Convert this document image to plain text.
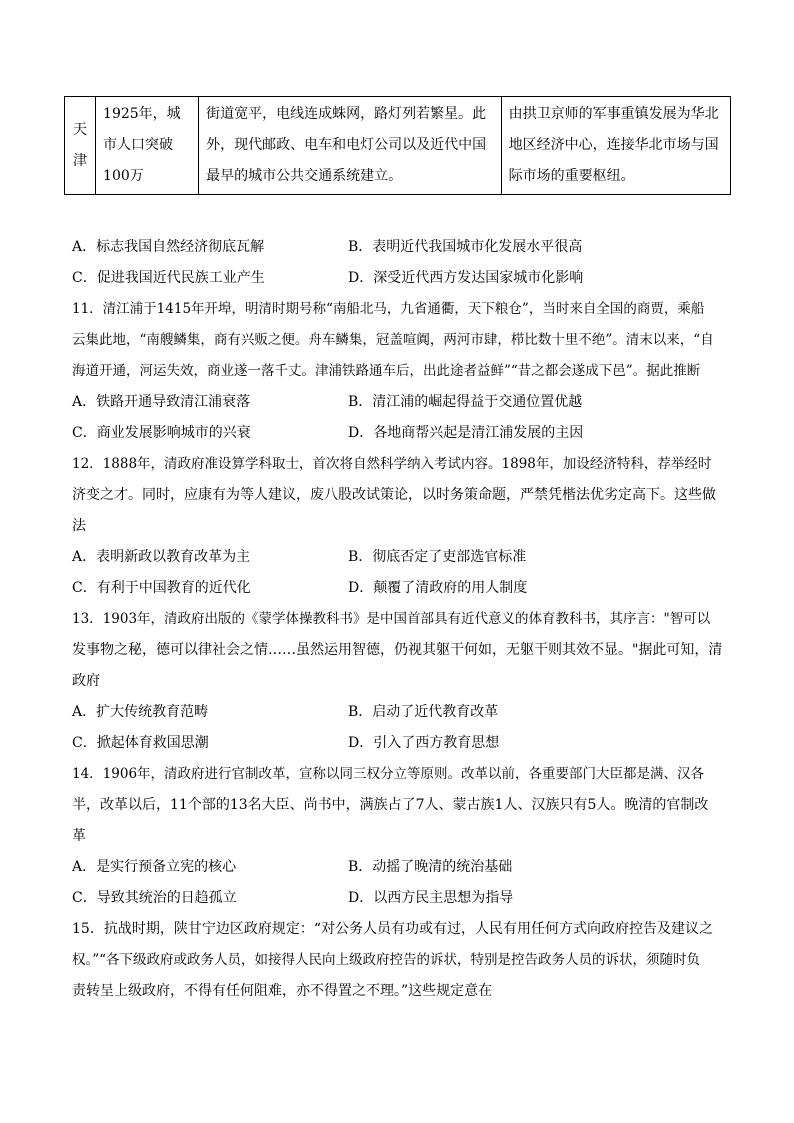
天津	1925年，城市人口突破100万	街道宽平，电线连成蛛网，路灯列若繁星。此外，现代邮政、电车和电灯公司以及近代中国最早的城市公共交通系统建立。	由拱卫京师的军事重镇发展为华北地区经济中心，连接华北市场与国际市场的重要枢纽。
A．标志我国自然经济彻底瓦解	B．表明近代我国城市化发展水平很高
C．促进我国近代民族工业产生	D．深受近代西方发达国家城市化影响
11．清江浦于1415年开埠，明清时期号称“南船北马，九省通衢，天下粮仓”，当时来自全国的商贾，乘船
云集此地，“南艘鳞集，商有兴贩之便。舟车鳞集，冠盖喧阗，两河市肆，栉比数十里不绝”。清末以来，“自
海道开通，河运失效，商业遂一落千丈。津浦铁路通车后，出此途者益鲜”“昔之都会遂成下邑”。据此推断
A．铁路开通导致清江浦衰落	B．清江浦的崛起得益于交通位置优越
C．商业发展影响城市的兴衰	D．各地商帮兴起是清江浦发展的主因
12．1888年，清政府准设算学科取士，首次将自然科学纳入考试内容。1898年，加设经济特科，荐举经时
济变之才。同时，应康有为等人建议，废八股改试策论，以时务策命题，严禁凭楷法优劣定高下。这些做
法
A．表明新政以教育改革为主	B．彻底否定了吏部选官标准
C．有利于中国教育的近代化	D．颠覆了清政府的用人制度
13．1903年，清政府出版的《蒙学体操教科书》是中国首部具有近代意义的体育教科书，其序言："智可以
发事物之秘，德可以律社会之情……虽然运用智德，仍视其躯干何如，无躯干则其效不显。"据此可知，清
政府
A．扩大传统教育范畴	B．启动了近代教育改革
C．掀起体育救国思潮	D．引入了西方教育思想
14．1906年，清政府进行官制改革，宣称以同三权分立等原则。改革以前，各重要部门大臣都是满、汉各
半，改革以后，11个部的13名大臣、尚书中，满族占了7人、蒙古族1人、汉族只有5人。晚清的官制改
革
A．是实行预备立宪的核心	B．动摇了晚清的统治基础
C．导致其统治的日趋孤立	D．以西方民主思想为指导
15．抗战时期，陕甘宁边区政府规定：“对公务人员有功或有过，人民有用任何方式向政府控告及建议之
权。”“各下级政府或政务人员，如接得人民向上级政府控告的诉状，特别是控告政务人员的诉状，须随时负
责转呈上级政府，不得有任何阻难，亦不得置之不理。”这些规定意在
